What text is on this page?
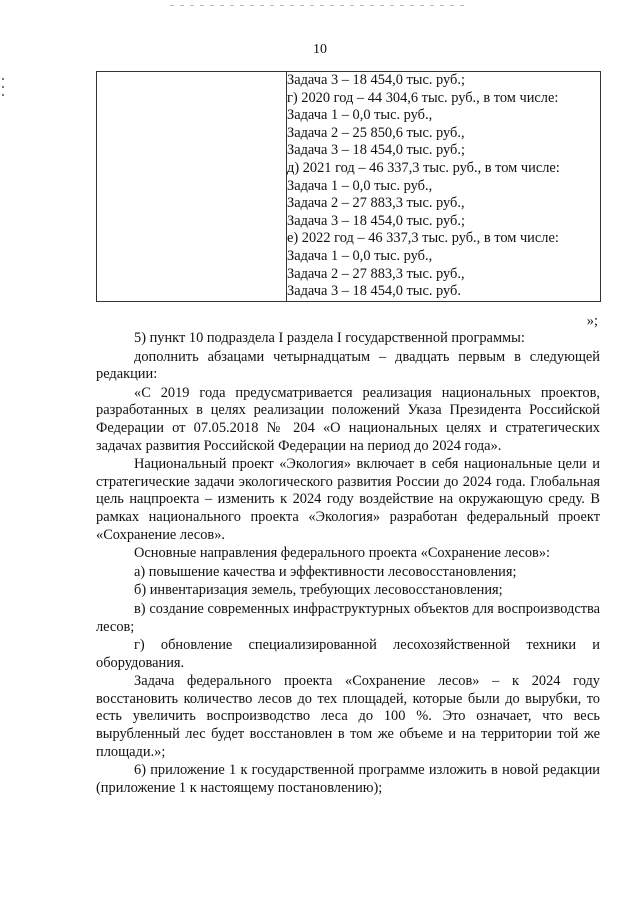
10

Задача 3 – 18 454,0 тыс. руб.;
г) 2020 год – 44 304,6 тыс. руб., в том числе:
Задача 1 – 0,0 тыс. руб.,
Задача 2 – 25 850,6 тыс. руб.,
Задача 3 – 18 454,0 тыс. руб.;
д) 2021 год – 46 337,3 тыс. руб., в том числе:
Задача 1 – 0,0 тыс. руб.,
Задача 2 – 27 883,3 тыс. руб.,
Задача 3 – 18 454,0 тыс. руб.;
е) 2022 год – 46 337,3 тыс. руб., в том числе:
Задача 1 – 0,0 тыс. руб.,
Задача 2 – 27 883,3 тыс. руб.,
Задача 3 – 18 454,0 тыс. руб.
»;

5) пункт 10 подраздела I раздела I государственной программы:

дополнить абзацами четырнадцатым – двадцать первым в следующей редакции:

«С 2019 года предусматривается реализация национальных проектов, разработанных в целях реализации положений Указа Президента Российской Федерации от 07.05.2018 № 204 «О национальных целях и стратегических задачах развития Российской Федерации на период до 2024 года».

Национальный проект «Экология» включает в себя национальные цели и стратегические задачи экологического развития России до 2024 года. Глобальная цель нацпроекта – изменить к 2024 году воздействие на окружающую среду. В рамках национального проекта «Экология» разработан федеральный проект «Сохранение лесов».

Основные направления федерального проекта «Сохранение лесов»:

а) повышение качества и эффективности лесовосстановления;

б) инвентаризация земель, требующих лесовосстановления;

в) создание современных инфраструктурных объектов для воспроизводства лесов;

г) обновление специализированной лесохозяйственной техники и оборудования.

Задача федерального проекта «Сохранение лесов» – к 2024 году восстановить количество лесов до тех площадей, которые были до вырубки, то есть увеличить воспроизводство леса до 100 %. Это означает, что весь вырубленный лес будет восстановлен в том же объеме и на территории той же площади.»;

6) приложение 1 к государственной программе изложить в новой редакции (приложение 1 к настоящему постановлению);
